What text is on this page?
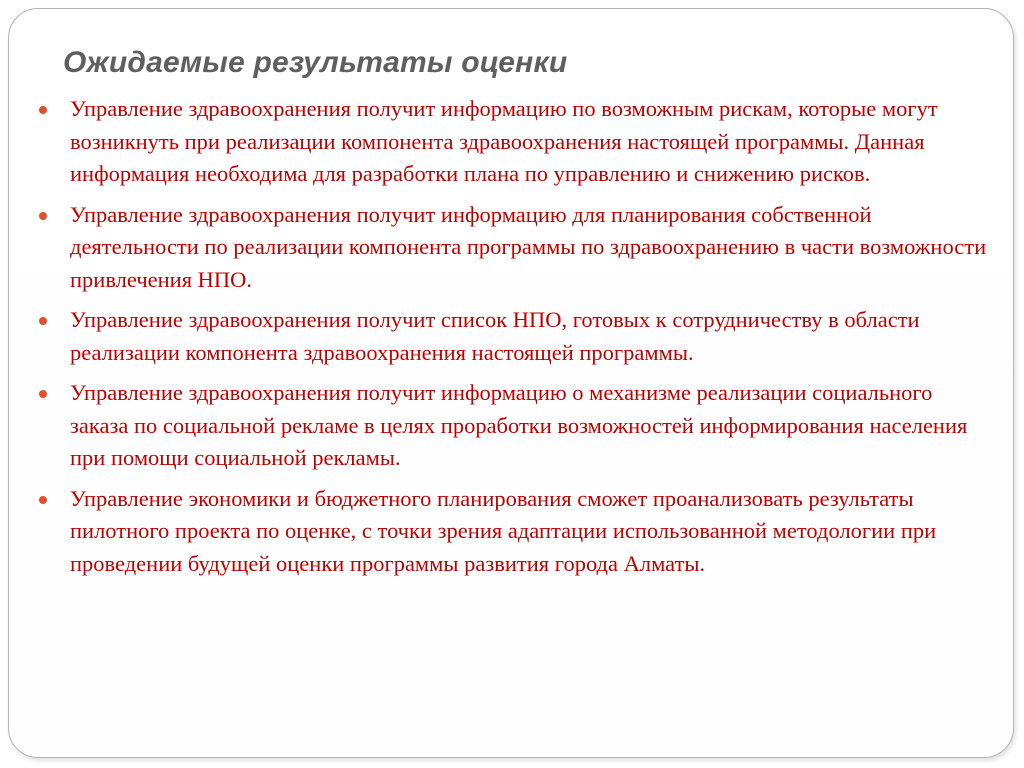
Ожидаемые результаты оценки
Управление здравоохранения получит информацию по возможным рискам, которые могут возникнуть при реализации компонента здравоохранения настоящей программы. Данная информация необходима для разработки плана по управлению и снижению рисков.
Управление здравоохранения получит информацию для планирования собственной деятельности по реализации компонента программы по здравоохранению в части возможности привлечения НПО.
Управление здравоохранения получит список НПО, готовых к сотрудничеству в области реализации компонента здравоохранения настоящей программы.
Управление здравоохранения получит информацию о механизме реализации социального заказа по социальной рекламе в целях проработки возможностей информирования населения при помощи социальной рекламы.
Управление экономики и бюджетного планирования сможет проанализовать результаты пилотного проекта по оценке, с точки зрения адаптации использованной методологии при проведении будущей оценки программы развития города Алматы.
